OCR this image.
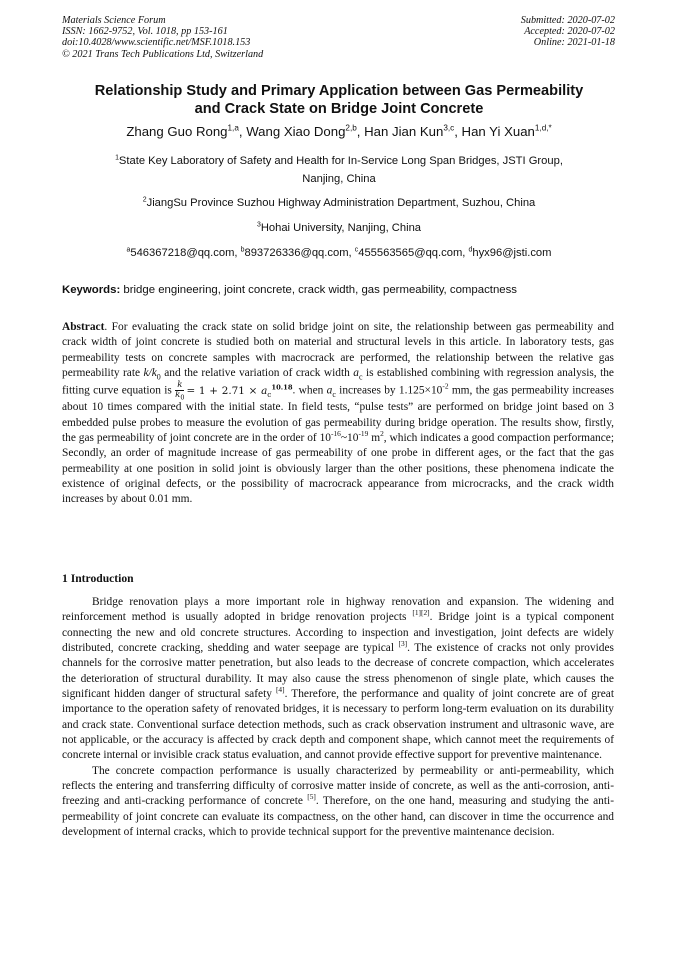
Materials Science Forum
ISSN: 1662-9752, Vol. 1018, pp 153-161
doi:10.4028/www.scientific.net/MSF.1018.153
© 2021 Trans Tech Publications Ltd, Switzerland
Submitted: 2020-07-02
Accepted: 2020-07-02
Online: 2021-01-18
Relationship Study and Primary Application between Gas Permeability
and Crack State on Bridge Joint Concrete
Zhang Guo Rong$^{1,a}$, Wang Xiao Dong$^{2,b}$, Han Jian Kun$^{3,c}$, Han Yi Xuan$^{1,d,*}$
$^1$State Key Laboratory of Safety and Health for In-Service Long Span Bridges, JSTI Group,
Nanjing, China
$^2$JiangSu Province Suzhou Highway Administration Department, Suzhou, China
$^3$Hohai University, Nanjing, China
$^a$546367218@qq.com, $^b$893726336@qq.com, $^c$455563565@qq.com, $^d$hyx96@jsti.com
Keywords: bridge engineering, joint concrete, crack width, gas permeability, compactness

Abstract. For evaluating the crack state on solid bridge joint on site, the relationship between gas permeability and crack width of joint concrete is studied both on material and structural levels in this article. In laboratory tests, gas permeability tests on concrete samples with macrocrack are performed, the relationship between the relative gas permeability rate $k/k_0$ and the relative variation of crack width $a_c$ is established combining with regression analysis, the fitting curve equation is $\frac{k}{k_0} = 1 + 2.71 \times a_c^{10.18}$. when $a_c$ increases by $1.125\times 10^{-2}$ mm, the gas permeability increases about 10 times compared with the initial state. In field tests, “pulse tests” are performed on bridge joint based on 3 embedded pulse probes to measure the evolution of gas permeability during bridge operation. The results show, firstly, the gas permeability of joint concrete are in the order of $10^{-16}\sim 10^{-19}$ $m^2$, which indicates a good compaction performance; Secondly, an order of magnitude increase of gas permeability of one probe in different ages, or the fact that the gas permeability at one position in solid joint is obviously larger than the other positions, these phenomena indicate the existence of original defects, or the possibility of macrocrack appearance from microcracks, and the crack width increases by about 0.01 mm.

1 Introduction

Bridge renovation plays a more important role in highway renovation and expansion. The widening and reinforcement method is usually adopted in bridge renovation projects [1][2]. Bridge joint is a typical component connecting the new and old concrete structures. According to inspection and investigation, joint defects are widely distributed, concrete cracking, shedding and water seepage are typical [3]. The existence of cracks not only provides channels for the corrosive matter penetration, but also leads to the decrease of concrete compaction, which accelerates the deterioration of structural durability. It may also cause the stress phenomenon of single plate, which causes the significant hidden danger of structural safety [4]. Therefore, the performance and quality of joint concrete are of great importance to the operation safety of renovated bridges, it is necessary to perform long-term evaluation on its durability and crack state. Conventional surface detection methods, such as crack observation instrument and ultrasonic wave, are not applicable, or the accuracy is affected by crack depth and component shape, which cannot meet the requirements of concrete internal or invisible crack status evaluation, and cannot provide effective support for preventive maintenance.

The concrete compaction performance is usually characterized by permeability or anti-permeability, which reflects the entering and transferring difficulty of corrosive matter inside of concrete, as well as the anti-corrosion, anti-freezing and anti-cracking performance of concrete [5]. Therefore, on the one hand, measuring and studying the anti-permeability of joint concrete can evaluate its compactness, on the other hand, can discover in time the occurrence and development of internal cracks, which to provide technical support for the preventive maintenance decision.
